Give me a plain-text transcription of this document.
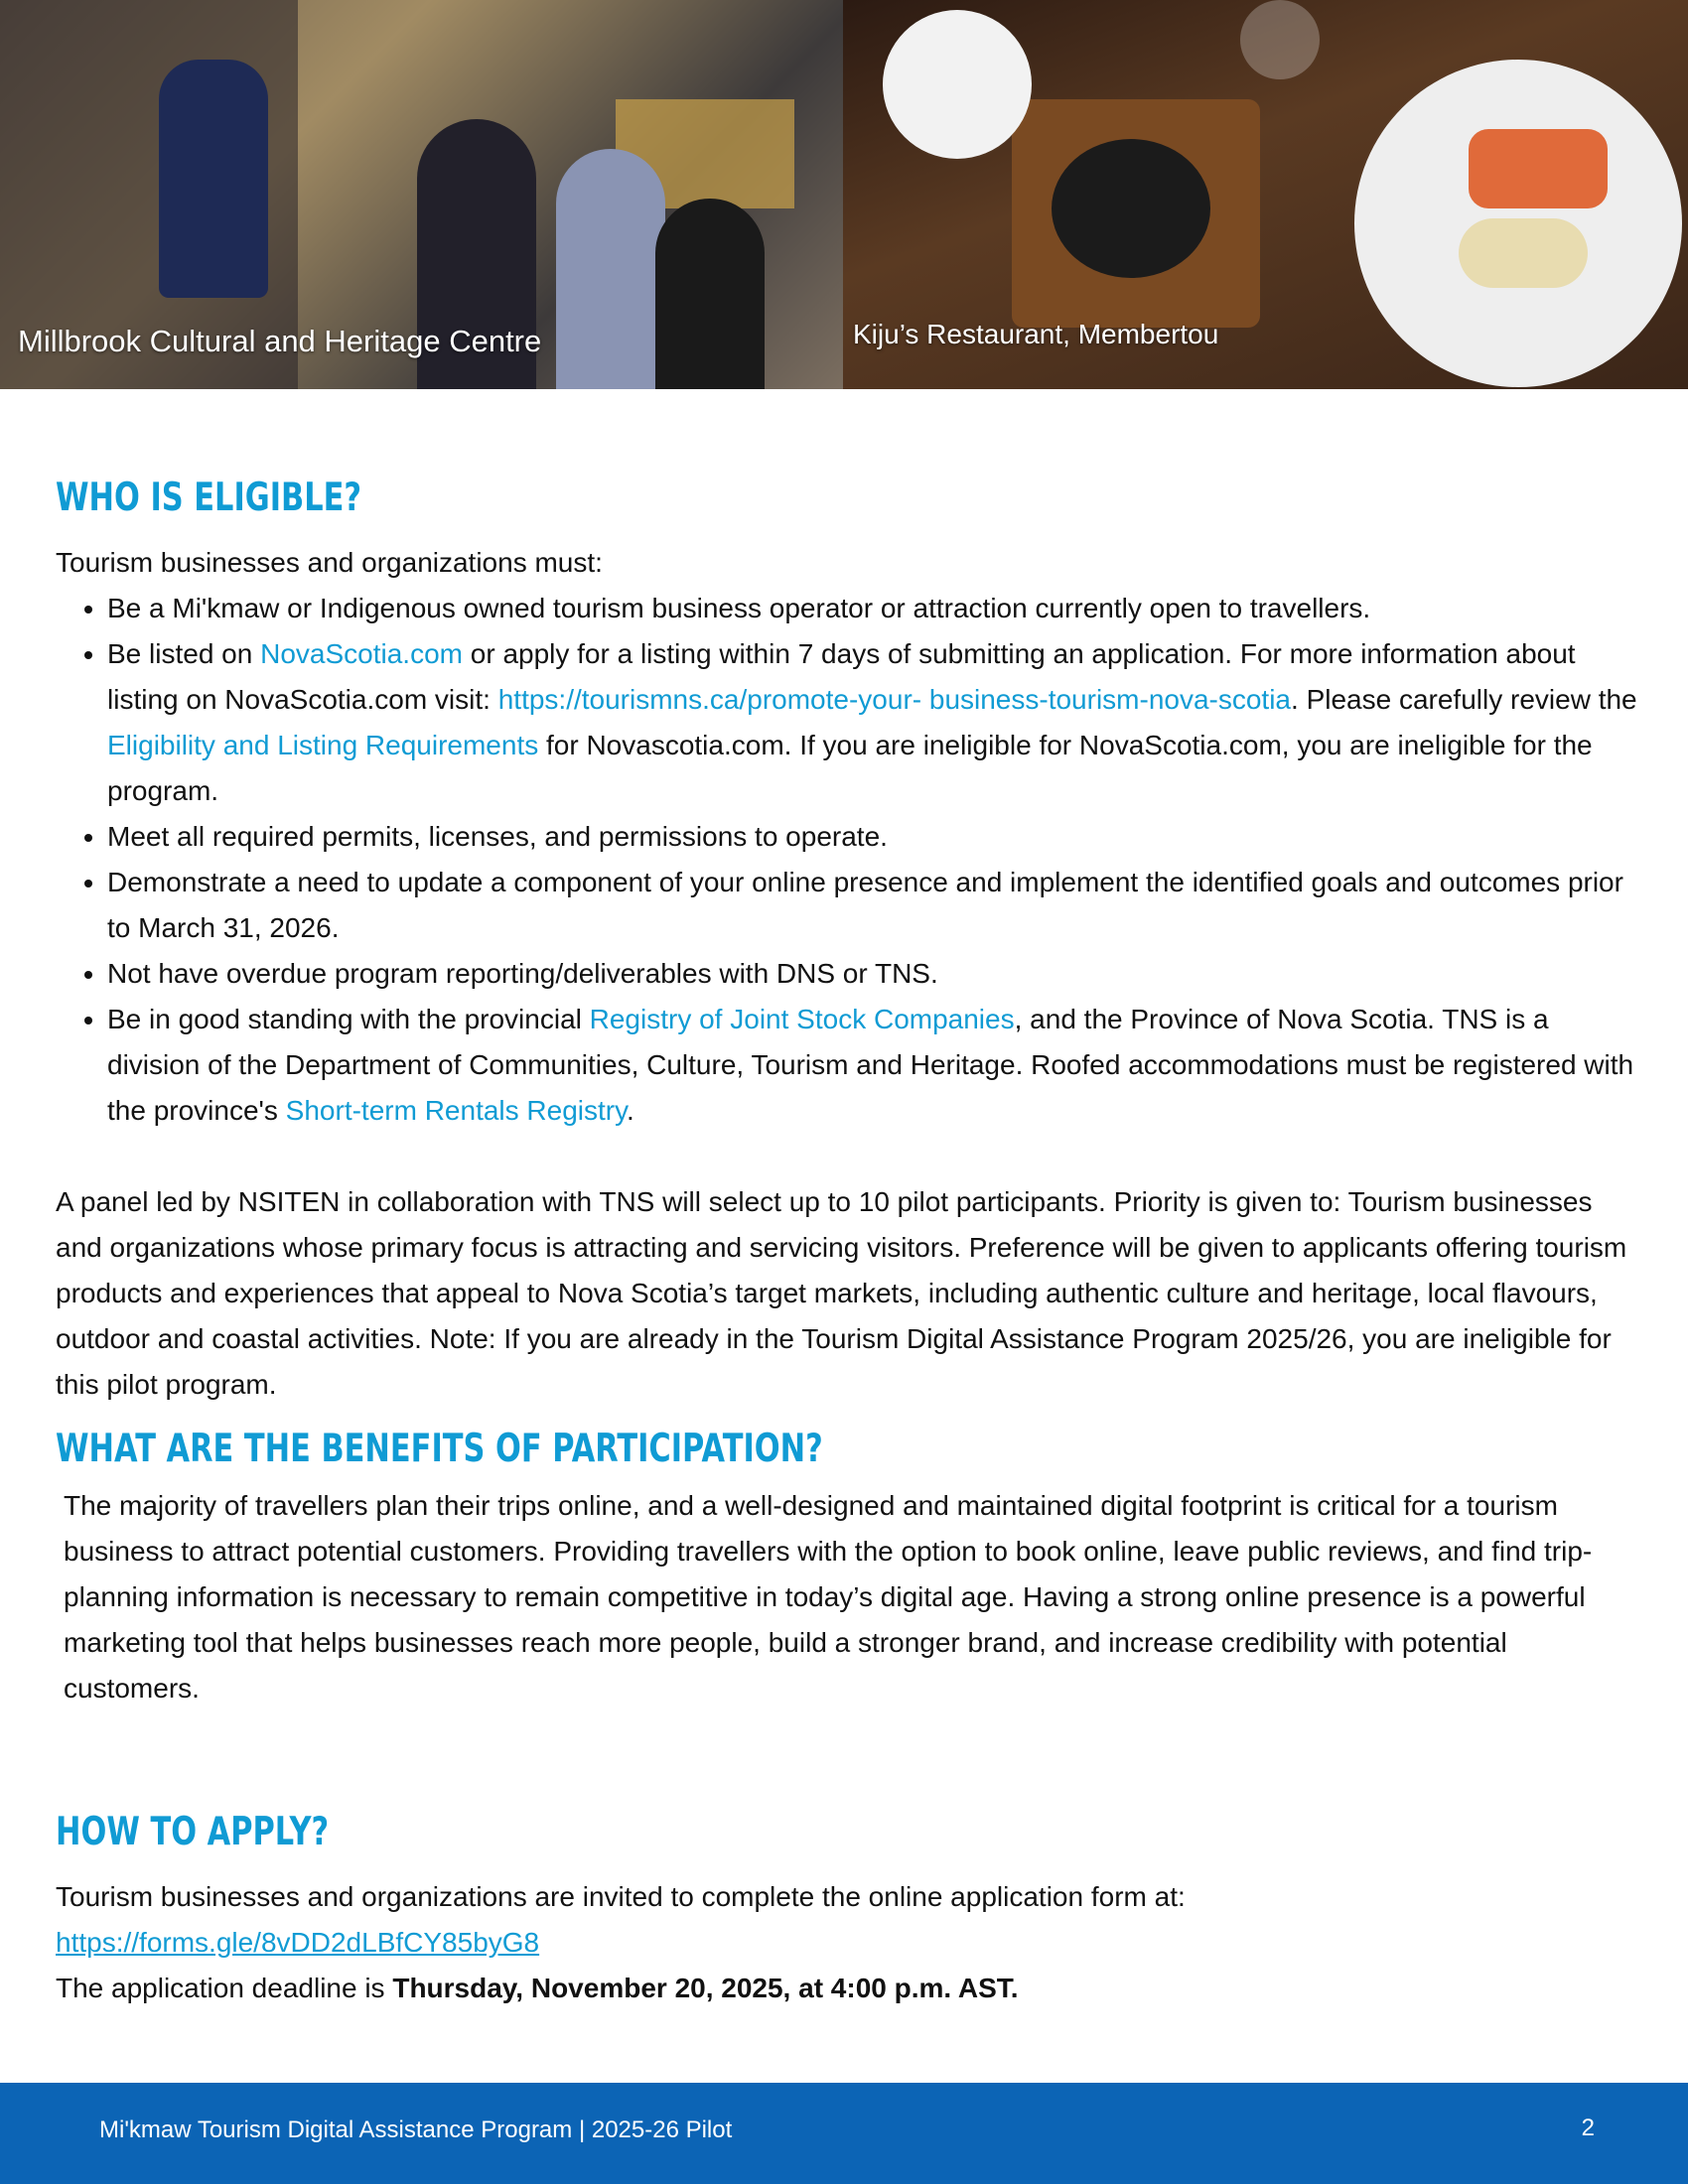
Millbrook Cultural and Heritage Centre	Kiju’s Restaurant, Membertou
WHO IS ELIGIBLE?

Tourism businesses and organizations must:

• Be a Mi'kmaw or Indigenous owned tourism business operator or attraction currently open to travellers.
• Be listed on NovaScotia.com or apply for a listing within 7 days of submitting an application. For more information about listing on NovaScotia.com visit: https://tourismns.ca/promote-your- business-tourism-nova-scotia. Please carefully review the Eligibility and Listing Requirements for Novascotia.com. If you are ineligible for NovaScotia.com, you are ineligible for the program.
• Meet all required permits, licenses, and permissions to operate.
• Demonstrate a need to update a component of your online presence and implement the identified goals and outcomes prior to March 31, 2026.
• Not have overdue program reporting/deliverables with DNS or TNS.
• Be in good standing with the provincial Registry of Joint Stock Companies, and the Province of Nova Scotia. TNS is a division of the Department of Communities, Culture, Tourism and Heritage. Roofed accommodations must be registered with the province's Short-term Rentals Registry.

A panel led by NSITEN in collaboration with TNS will select up to 10 pilot participants. Priority is given to: Tourism businesses and organizations whose primary focus is attracting and servicing visitors. Preference will be given to applicants offering tourism products and experiences that appeal to Nova Scotia’s target markets, including authentic culture and heritage, local flavours, outdoor and coastal activities. Note: If you are already in the Tourism Digital Assistance Program 2025/26, you are ineligible for this pilot program.

WHAT ARE THE BENEFITS OF PARTICIPATION?

The majority of travellers plan their trips online, and a well-designed and maintained digital footprint is critical for a tourism business to attract potential customers. Providing travellers with the option to book online, leave public reviews, and find trip-planning information is necessary to remain competitive in today’s digital age. Having a strong online presence is a powerful marketing tool that helps businesses reach more people, build a stronger brand, and increase credibility with potential customers.

HOW TO APPLY?

Tourism businesses and organizations are invited to complete the online application form at:

https://forms.gle/8vDD2dLBfCY85byG8

The application deadline is Thursday, November 20, 2025, at 4:00 p.m. AST.

Mi'kmaw Tourism Digital Assistance Program | 2025-26 Pilot	2
